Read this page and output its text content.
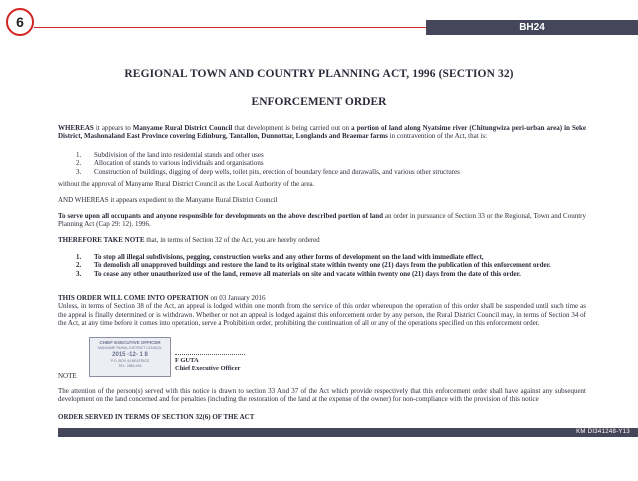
6	BH24
REGIONAL TOWN AND COUNTRY PLANNING ACT, 1996 (SECTION 32)
ENFORCEMENT ORDER
WHEREAS it appears to Manyame Rural District Council that development is being carried out on a portion of land along Nyatsime river (Chitungwiza peri-urban area) in Seke District, Mashonaland East Province covering Edinburg, Tantallon, Dunnottar, Longlands and Braemar farms in contravention of the Act, that is:
1.	Subdivision of the land into residential stands and other uses
2.	Allocation of stands to various individuals and organisations
3.	Construction of buildings, digging of deep wells, toilet pits, erection of boundary fence and durawalls, and various other structures
without the approval of Manyame Rural District Council as the Local Authority of the area.
AND WHEREAS it appears expedient to the Manyame Rural District Council
To serve upon all occupants and anyone responsible for developments on the above described portion of land an order in pursuance of Section 33 or the Regional, Town and Country Planning Act (Cap 29: 12). 1996.
THEREFORE TAKE NOTE that, in terms of Section 32 of the Act, you are hereby ordered
1.	To stop all illegal subdivisions, pegging, construction works and any other forms of development on the land with immediate effect,
2.	To demolish all unapproved buildings and restore the land to its original state within twenty one (21) days from the publication of this enforcement order.
3.	To cease any other unauthorized use of the land, remove all materials on site and vacate within twenty one (21) days from the date of this order.
THIS ORDER WILL COME INTO OPERATION on 03 January 2016
Unless, in terms of Section 38 of the Act, an appeal is lodged within one month from the service of this order whereupon the operation of this order shall be suspended until such time as the appeal is finally determined or is withdrawn. Whether or not an appeal is lodged against this enforcement order by any person, the Rural District Council may, in terms of Section 34 of the Act, at any time before it comes into operation, serve a Prohibition order, prohibiting the continuation of all or any of the operations specified on this enforcement order.
CHIEF EXECUTIVE OFFICER
MANYAME RURAL DISTRICT COUNCIL
2015 -12- 1 8
P.O. BOX 44 BEATRICE
TEL: 2850-434
F GUTA
Chief Executive Officer
NOTE
The attention of the person(s) served with this notice is drawn to section 33 And 37 of the Act which provide respectively that this enforcement order shall have against any subsequent development on the land concerned and for penalties (including the restoration of the land at the expense of the owner) for non-compliance with the provision of this notice
ORDER SERVED IN TERMS OF SECTION 32(6) OF THE ACT
KM DI341248-Y13
